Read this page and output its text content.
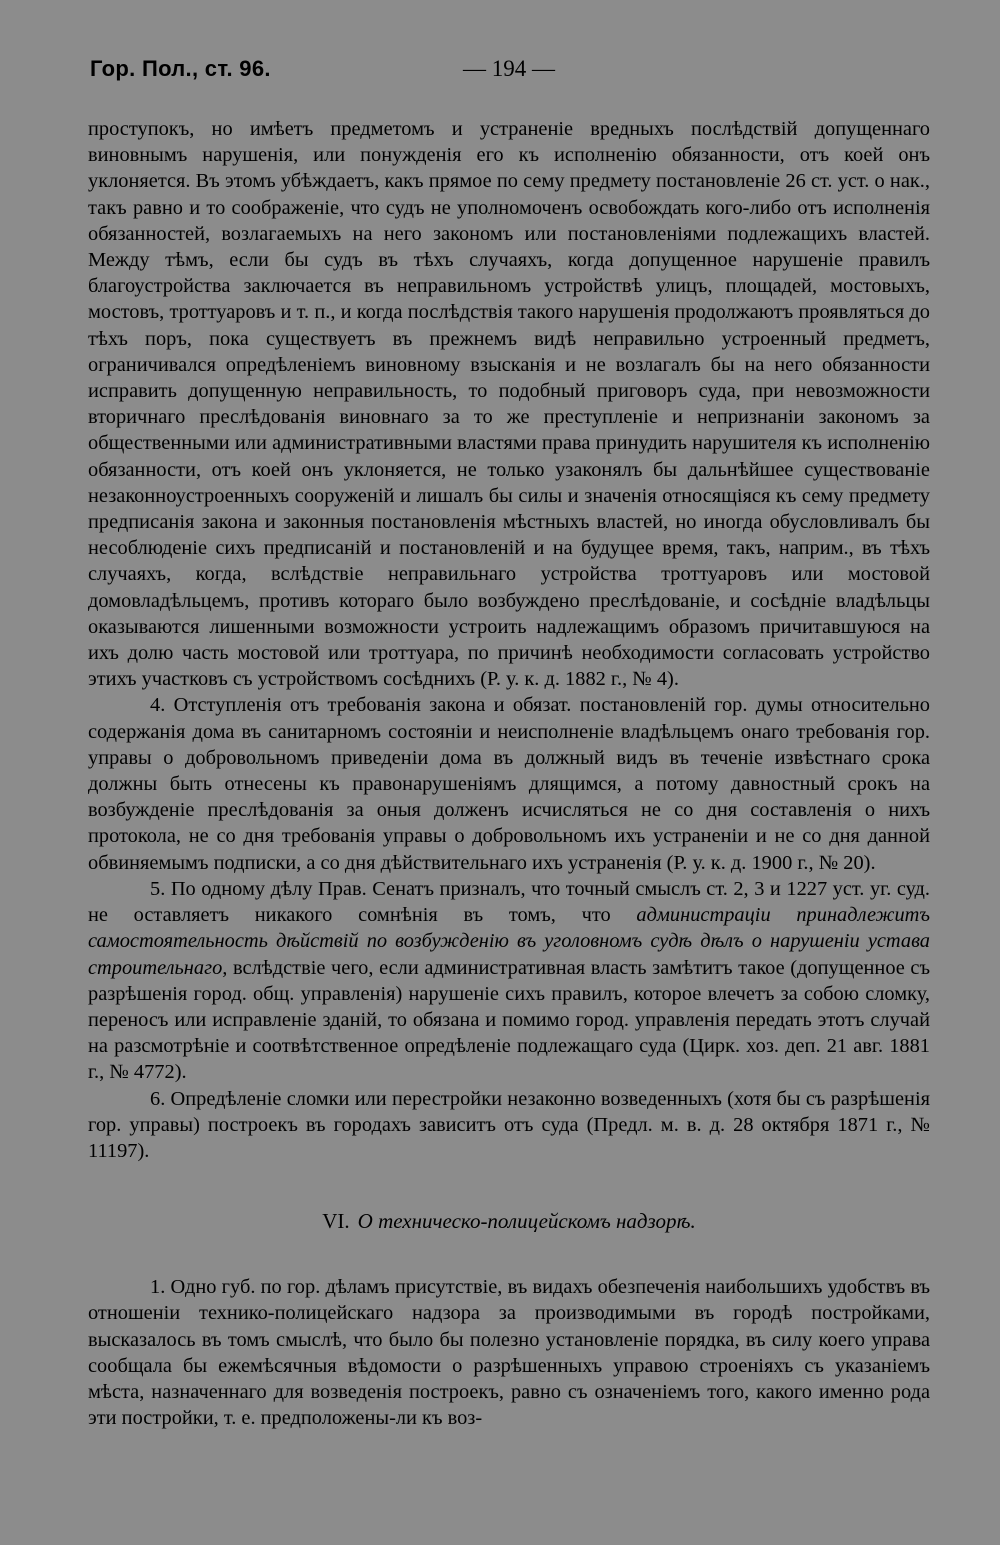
Гор. Пол., ст. 96.	— 194 —

проступокъ, но имѣетъ предметомъ и устраненіе вредныхъ послѣдствій допущеннаго виновнымъ нарушенія, или понужденія его къ исполненію обязанности, отъ коей онъ уклоняется. Въ этомъ убѣждаетъ, какъ прямое по сему предмету постановленіе 26 ст. уст. о нак., такъ равно и то соображеніе, что судъ не уполномоченъ освобождать кого-либо отъ исполненія обязанностей, возлагаемыхъ на него закономъ или постановленіями подлежащихъ властей. Между тѣмъ, если бы судъ въ тѣхъ случаяхъ, когда допущенное нарушеніе правилъ благоустройства заключается въ неправильномъ устройствѣ улицъ, площадей, мостовыхъ, мостовъ, троттуаровъ и т. п., и когда послѣдствія такого нарушенія продолжаютъ проявляться до тѣхъ поръ, пока существуетъ въ прежнемъ видѣ неправильно устроенный предметъ, ограничивался опредѣленіемъ виновному взысканія и не возлагалъ бы на него обязанности исправить допущенную неправильность, то подобный приговоръ суда, при невозможности вторичнаго преслѣдованія виновнаго за то же преступленіе и непризнаніи закономъ за общественными или административными властями права принудить нарушителя къ исполненію обязанности, отъ коей онъ уклоняется, не только узаконялъ бы дальнѣйшее существованіе незаконноустроенныхъ сооруженій и лишалъ бы силы и значенія относящіяся къ сему предмету предписанія закона и законныя постановленія мѣстныхъ властей, но иногда обусловливалъ бы несоблюденіе сихъ предписаній и постановленій и на будущее время, такъ, наприм., въ тѣхъ случаяхъ, когда, вслѣдствіе неправильнаго устройства троттуаровъ или мостовой домовладѣльцемъ, противъ котораго было возбуждено преслѣдованіе, и сосѣдніе владѣльцы оказываются лишенными возможности устроить надлежащимъ образомъ причитавшуюся на ихъ долю часть мостовой или троттуара, по причинѣ необходимости согласовать устройство этихъ участковъ съ устройствомъ сосѣднихъ (Р. у. к. д. 1882 г., № 4).

4. Отступленія отъ требованія закона и обязат. постановленій гор. думы относительно содержанія дома въ санитарномъ состояніи и неисполненіе владѣльцемъ онаго требованія гор. управы о добровольномъ приведеніи дома въ должный видъ въ теченіе извѣстнаго срока должны быть отнесены къ правонарушеніямъ длящимся, а потому давностный срокъ на возбужденіе преслѣдованія за оныя долженъ исчисляться не со дня составленія о нихъ протокола, не со дня требованія управы о добровольномъ ихъ устраненіи и не со дня данной обвиняемымъ подписки, а со дня дѣйствительнаго ихъ устраненія (Р. у. к. д. 1900 г., № 20).

5. По одному дѣлу Прав. Сенатъ призналъ, что точный смыслъ ст. 2, 3 и 1227 уст. уг. суд. не оставляетъ никакого сомнѣнія въ томъ, что администраціи принадлежитъ самостоятельность дѣйствій по возбужденію въ уголовномъ судѣ дѣлъ о нарушеніи устава строительнаго, вслѣдствіе чего, если административная власть замѣтитъ такое (допущенное съ разрѣшенія город. общ. управленія) нарушеніе сихъ правилъ, которое влечетъ за собою сломку, переносъ или исправленіе зданій, то обязана и помимо город. управленія передать этотъ случай на разсмотрѣніе и соотвѣтственное опредѣленіе подлежащаго суда (Цирк. хоз. деп. 21 авг. 1881 г., № 4772).

6. Опредѣленіе сломки или перестройки незаконно возведенныхъ (хотя бы съ разрѣшенія гор. управы) построекъ въ городахъ зависитъ отъ суда (Предл. м. в. д. 28 октября 1871 г., № 11197).

VI. О техническо-полицейскомъ надзорѣ.

1. Одно губ. по гор. дѣламъ присутствіе, въ видахъ обезпеченія наибольшихъ удобствъ въ отношеніи технико-полицейскаго надзора за производимыми въ городѣ постройками, высказалось въ томъ смыслѣ, что было бы полезно установленіе порядка, въ силу коего управа сообщала бы ежемѣсячныя вѣдомости о разрѣшенныхъ управою строеніяхъ съ указаніемъ мѣста, назначеннаго для возведенія построекъ, равно съ означеніемъ того, какого именно рода эти постройки, т. е. предположены-ли къ воз-
